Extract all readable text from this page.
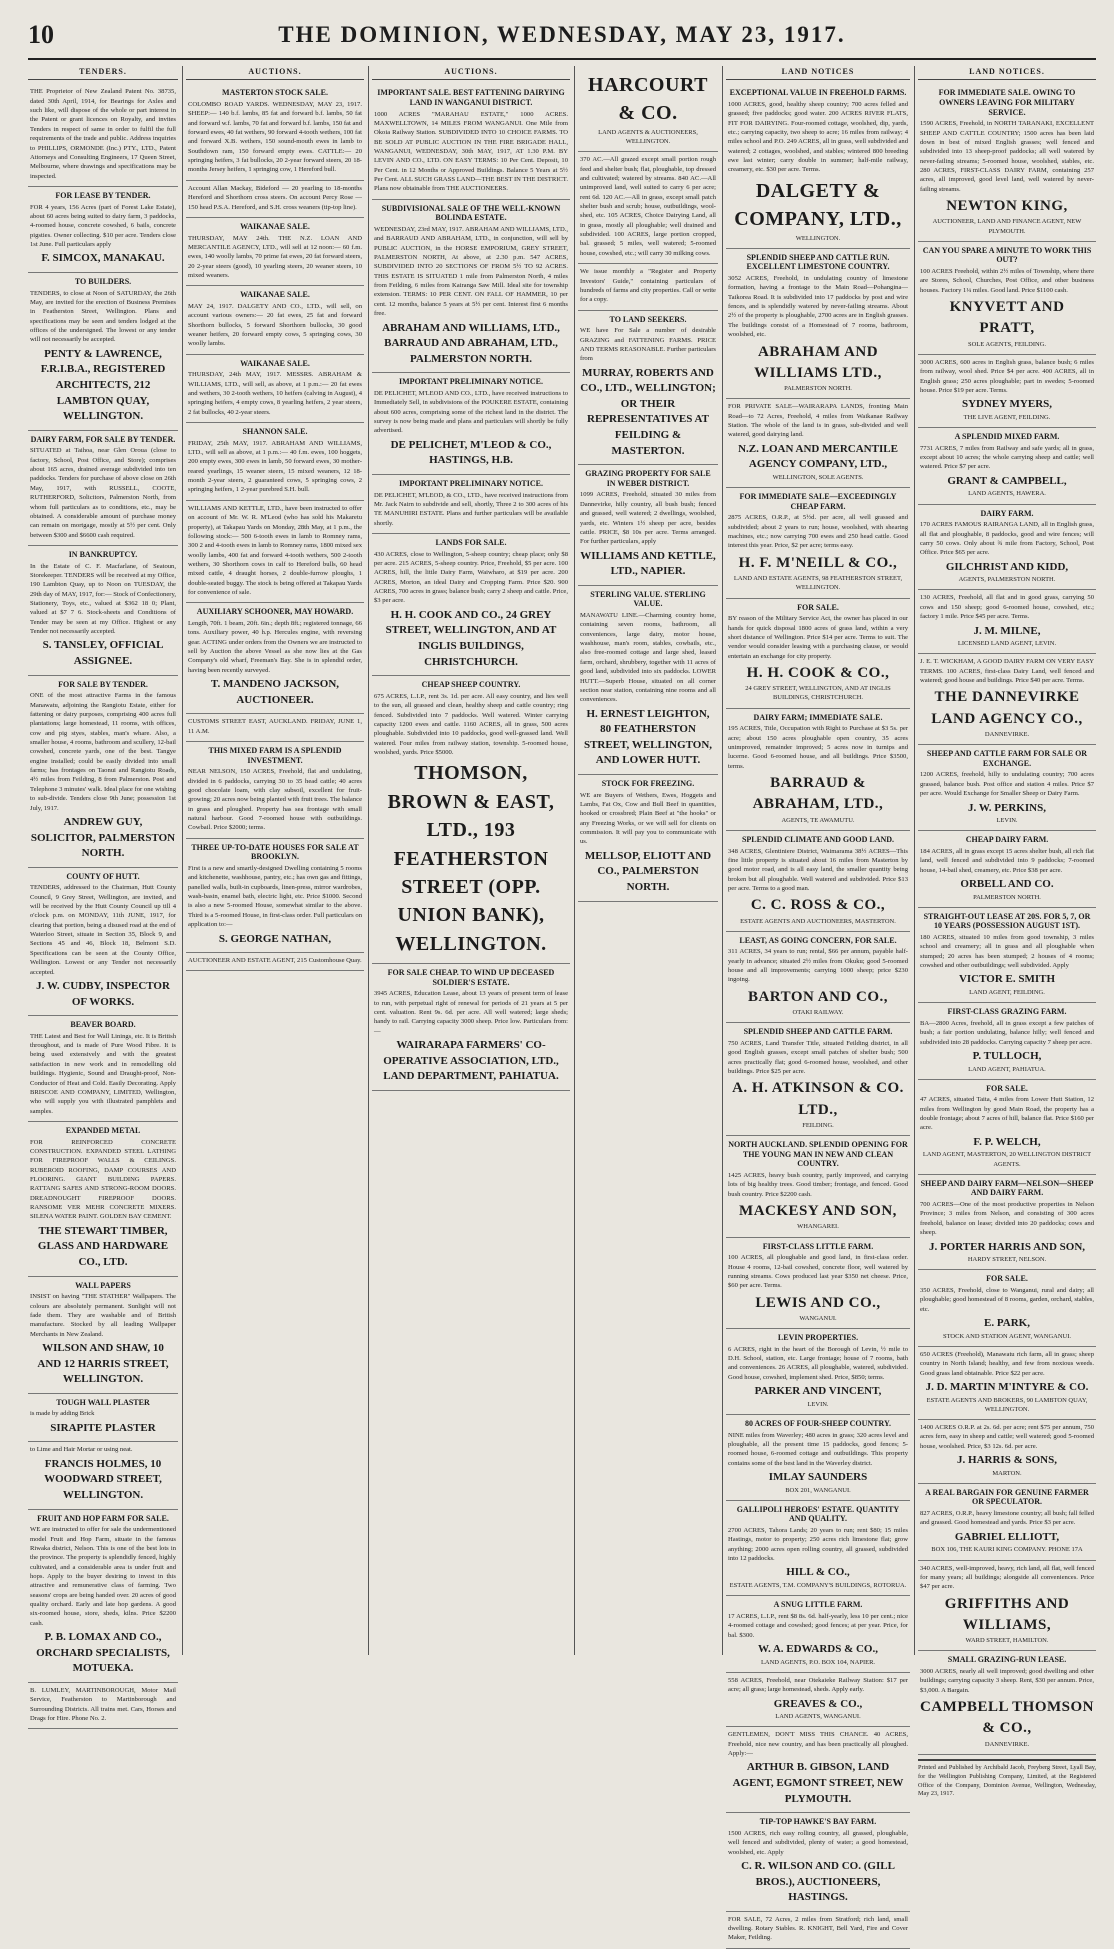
10	THE DOMINION, WEDNESDAY, MAY 23, 1917.
TENDERS.

THE Proprietor of New Zealand Patent No. 38735, dated 30th April, 1914, for Bearings for Axles and such like, will dispose of the whole or part interest in the Patent or grant licences on Royalty, and invites Tenders in respect of same in order to fulfil the full requirements of the trade and public. Address inquiries to PHILLIPS, ORMONDE (Inc.) PTY., LTD., Patent Attorneys and Consulting Engineers, 17 Queen Street, Melbourne, where drawings and specifications may be inspected.

FOR LEASE BY TENDER.

FOR 4 years, 156 Acres (part of Forest Lake Estate), about 60 acres being suited to dairy farm, 3 paddocks, 4-roomed house, concrete cowshed, 6 bails, concrete pigsties. Owner collecting. $10 per acre. Tenders close 1st June. Full particulars apply

F. SIMCOX, MANAKAU.
TO BUILDERS.

TENDERS, to close at Noon of SATURDAY, the 26th May, are invited for the erection of Business Premises in Featherston Street, Wellington. Plans and specifications may be seen and tenders lodged at the offices of the undersigned. The lowest or any tender will not necessarily be accepted.

PENTY & LAWRENCE, F.R.I.B.A., REGISTERED ARCHITECTS, 212 LAMBTON QUAY, WELLINGTON.
DAIRY FARM, FOR SALE BY TENDER.

SITUATED at Taihoa, near Glen Oroua (close to factory, School, Post Office, and Store); comprises about 165 acres, drained average subdivided into ten paddocks. Tenders for purchase of above close on 26th May, 1917, with RUSSELL, COOTE, RUTHERFORD, Solicitors, Palmerston North, from whom full particulars as to conditions, etc., may be obtained. A considerable amount of purchase money can remain on mortgage, mostly at 5½ per cent. Only between $300 and $6600 cash required.

IN BANKRUPTCY.

In the Estate of C. F. Macfarlane, of Seatoun, Storekeeper. TENDERS will be received at my Office, 190 Lambton Quay, up to Noon on TUESDAY, the 29th day of MAY, 1917, for:— Stock of Confectionery, Stationery, Toys, etc., valued at $362 18 0; Plant, valued at $7 7 6. Stock-sheets and Conditions of Tender may be seen at my Office. Highest or any Tender not necessarily accepted.

S. TANSLEY, OFFICIAL ASSIGNEE.
FOR SALE BY TENDER.

ONE of the most attractive Farms in the famous Manawatu, adjoining the Rangiotu Estate, either for fattening or dairy purposes, comprising 400 acres full plantations; large homestead, 11 rooms, with offices, cow and pig styes, stables, man's whare. Also, a smaller house, 4 rooms, bathroom and scullery, 12-bail cowshed, concrete yards, one of the best. Tangye engine installed; could be easily divided into small farms; has frontages on Taonui and Rangiotu Roads, 4½ miles from Feilding, 8 from Palmerston. Post and Telephone 3 minutes' walk. Ideal place for one wishing to sub-divide. Tenders close 9th June; possession 1st July, 1917.

ANDREW GUY, SOLICITOR, PALMERSTON NORTH.
COUNTY OF HUTT.

TENDERS, addressed to the Chairman, Hutt County Council, 9 Grey Street, Wellington, are invited, and will be received by the Hutt County Council up till 4 o'clock p.m. on MONDAY, 11th JUNE, 1917, for clearing that portion, being a disused road at the end of Waterloo Street, situate in Section 35, Block 9, and Sections 45 and 46, Block 18, Belmont S.D. Specifications can be seen at the County Office, Wellington. Lowest or any Tender not necessarily accepted.

J. W. CUDBY, INSPECTOR OF WORKS.
BEAVER BOARD.

THE Latest and Best for Wall Linings, etc. It is British throughout, and is made of Pure Wood Fibre. It is being used extensively and with the greatest satisfaction in new work and in remodelling old buildings. Hygienic, Sound and Draught-proof, Non-Conductor of Heat and Cold. Easily Decorating. Apply BRISCOE AND COMPANY, LIMITED, Wellington, who will supply you with illustrated pamphlets and samples.

EXPANDED METAL

FOR REINFORCED CONCRETE CONSTRUCTION. EXPANDED STEEL LATHING FOR FIREPROOF WALLS & CEILINGS. RUBEROID ROOFING, DAMP COURSES AND FLOORING. GIANT BUILDING PAPERS. RATTANG SAFES AND STRONG-ROOM DOORS. DREADNOUGHT FIREPROOF DOORS. RANSOME VER MEHR CONCRETE MIXERS. SILENA WATER PAINT. GOLDEN BAY CEMENT.

THE STEWART TIMBER, GLASS AND HARDWARE CO., LTD.
WALL PAPERS

INSIST on having "THE STATHER" Wallpapers. The colours are absolutely permanent. Sunlight will not fade them. They are washable and of British manufacture. Stocked by all leading Wallpaper Merchants in New Zealand.

WILSON AND SHAW, 10 AND 12 HARRIS STREET, WELLINGTON.
TOUGH WALL PLASTER

is made by adding Brick

SIRAPITE PLASTER

to Lime and Hair Mortar or using neat.

FRANCIS HOLMES, 10 WOODWARD STREET, WELLINGTON.
FRUIT AND HOP FARM FOR SALE.

WE are instructed to offer for sale the undermentioned model Fruit and Hop Farm, situate in the famous Riwaka district, Nelson. This is one of the best lots in the province. The property is splendidly fenced, highly cultivated, and a considerable area is under fruit and hops. Apply to the buyer desiring to invest in this attractive and remunerative class of farming. Two seasons' crops are being handed over. 20 acres of good quality orchard. Early and late hop gardens. A good six-roomed house, store, sheds, kilns. Price $2200 cash.

P. B. LOMAX AND CO., ORCHARD SPECIALISTS, MOTUEKA.

B. LUMLEY, MARTINBOROUGH, Motor Mail Service, Featherston to Martinborough and Surrounding Districts. All trains met. Cars, Horses and Drags for Hire. Phone No. 2.

AUCTIONS.
MASTERTON STOCK SALE.

COLOMBO ROAD YARDS. WEDNESDAY, MAY 23, 1917. SHEEP:— 140 b.f. lambs, 85 fat and forward b.f. lambs, 50 fat and forward w.f. lambs, 70 fat and forward b.f. lambs, 150 fat and forward ewes, 40 fat wethers, 90 forward 4-tooth wethers, 100 fat and forward X.B. wethers, 150 sound-mouth ewes in lamb to Southdown ram, 150 forward empty ewes. CATTLE:— 20 springing heifers, 3 fat bullocks, 20 2-year forward steers, 20 18-months Jersey heifers, 1 springing cow, 1 Hereford bull.

Account Allan Mackay, Bideford — 20 yearling to 18-months Hereford and Shorthorn cross steers. On account Percy Rose — 150 head P.S.A. Hereford, and S.H. cross weaners (tip-top line).

WAIKANAE SALE.

THURSDAY, MAY 24th. THE N.Z. LOAN AND MERCANTILE AGENCY, LTD., will sell at 12 noon:— 60 f.m. ewes, 140 woolly lambs, 70 prime fat ewes, 20 fat forward steers, 20 2-year steers (good), 10 yearling steers, 20 weaner steers, 10 mixed weaners.

WAIKANAE SALE.

MAY 24, 1917. DALGETY AND CO., LTD., will sell, on account various owners:— 20 fat ewes, 25 fat and forward Shorthorn bullocks, 5 forward Shorthorn bullocks, 30 good weaner heifers, 20 forward empty cows, 5 springing cows, 30 woolly lambs.

WAIKANAE SALE.

THURSDAY, 24th MAY, 1917. MESSRS. ABRAHAM & WILLIAMS, LTD., will sell, as above, at 1 p.m.:— 20 fat ewes and wethers, 30 2-tooth wethers, 10 heifers (calving in August), 4 springing heifers, 4 empty cows, 8 yearling heifers, 2 year steers, 2 fat bullocks, 40 2-year steers.

SHANNON SALE.

FRIDAY, 25th MAY, 1917. ABRAHAM AND WILLIAMS, LTD., will sell as above, at 1 p.m.:— 40 f.m. ewes, 100 hoggets, 200 empty ewes, 300 ewes in lamb, 50 forward ewes, 30 mother-reared yearlings, 15 weaner steers, 15 mixed weaners, 12 18-month 2-year steers, 2 guaranteed cows, 5 springing cows, 2 springing heifers, 1 2-year purebred S.H. bull.

WILLIAMS AND KETTLE, LTD., have been instructed to offer on account of Mr. W. R. M'Leod (who has sold his Makaretu property), at Takapau Yards on Monday, 28th May, at 1 p.m., the following stock:— 500 6-tooth ewes in lamb to Romney rams, 300 2 and 4-tooth ewes in lamb to Romney rams, 1800 mixed sex woolly lambs, 400 fat and forward 4-tooth wethers, 500 2-tooth wethers, 30 Shorthorn cows in calf to Hereford bulls, 60 head mixed cattle, 4 draught horses, 2 double-furrow ploughs, 1 double-seated buggy. The stock is being offered at Takapau Yards for convenience of sale.

AUXILIARY SCHOONER, MAY HOWARD.

Length, 70ft. 1 beam, 20ft. 6in.; depth 8ft.; registered tonnage, 66 tons. Auxiliary power, 40 h.p. Hercules engine, with reversing gear. ACTING under orders from the Owners we are instructed to sell by Auction the above Vessel as she now lies at the Gas Company's old wharf, Freeman's Bay. She is in splendid order, having been recently surveyed.

T. MANDENO JACKSON, AUCTIONEER.

CUSTOMS STREET EAST, AUCKLAND. FRIDAY, JUNE 1, 11 A.M.

THIS MIXED FARM IS A SPLENDID INVESTMENT.

NEAR NELSON, 150 ACRES, Freehold, flat and undulating, divided in 6 paddocks, carrying 30 to 35 head cattle; 40 acres good chocolate loam, with clay subsoil, excellent for fruit-growing; 20 acres now being planted with fruit trees. The balance in grass and ploughed. Property has sea frontage with small natural harbour. Good 7-roomed house with outbuildings. Cowbail. Price $2000; terms.

THREE UP-TO-DATE HOUSES FOR SALE AT BROOKLYN.

First is a new and smartly-designed Dwelling containing 5 rooms and kitchenette, washhouse, pantry, etc.; has own gas and fittings, panelled walls, built-in cupboards, linen-press, mirror wardrobes, wash-basin, enamel bath, electric light, etc. Price $1000. Second is also a new 5-roomed House, somewhat similar to the above. Third is a 5-roomed House, in first-class order. Full particulars on application to:—

S. GEORGE NATHAN,

AUCTIONEER AND ESTATE AGENT, 215 Customhouse Quay.

AUCTIONS.
IMPORTANT SALE. BEST FATTENING DAIRYING LAND IN WANGANUI DISTRICT.

1000 ACRES "MARAHAU ESTATE," 1000 ACRES. MAXWELLTOWN, 14 MILES FROM WANGANUI. One Mile from Okoia Railway Station. SUBDIVIDED INTO 10 CHOICE FARMS. TO BE SOLD AT PUBLIC AUCTION IN THE FIRE BRIGADE HALL, WANGANUI, WEDNESDAY, 30th MAY, 1917, AT 1.30 P.M. BY LEVIN AND CO., LTD. ON EASY TERMS: 10 Per Cent. Deposit, 10 Per Cent. in 12 Months or Approved Buildings. Balance 5 Years at 5½ Per Cent. ALL SUCH GRASS LAND—THE BEST IN THE DISTRICT. Plans now obtainable from THE AUCTIONEERS.

SUBDIVISIONAL SALE OF THE WELL-KNOWN BOLINDA ESTATE.

WEDNESDAY, 23rd MAY, 1917. ABRAHAM AND WILLIAMS, LTD., and BARRAUD AND ABRAHAM, LTD., in conjunction, will sell by PUBLIC AUCTION, in the HORSE EMPORIUM, GREY STREET, PALMERSTON NORTH, At above, at 2.30 p.m. 547 ACRES, SUBDIVIDED INTO 20 SECTIONS OF FROM 5½ TO 92 ACRES. THIS ESTATE IS SITUATED 1 mile from Palmerston North, 4 miles from Feilding, 6 miles from Kairanga Saw Mill. Ideal site for township extension. TERMS: 10 PER CENT. ON FALL OF HAMMER, 10 per cent. 12 months, balance 5 years at 5½ per cent. Interest first 6 months free.

ABRAHAM AND WILLIAMS, LTD., BARRAUD AND ABRAHAM, LTD., PALMERSTON NORTH.
IMPORTANT PRELIMINARY NOTICE.

DE PELICHET, M'LEOD AND CO., LTD., have received instructions to Immediately Sell, in subdivisions of the POUKERE ESTATE, containing about 600 acres, comprising some of the richest land in the district. The survey is now being made and plans and particulars will shortly be fully advertised.

DE PELICHET, M'LEOD & CO., HASTINGS, H.B.
IMPORTANT PRELIMINARY NOTICE.

DE PELICHET, M'LEOD, & CO., LTD., have received instructions from Mr. Jack Nairn to subdivide and sell, shortly, Three 2 to 300 acres of his TE MANUHIRI ESTATE. Plans and further particulars will be available shortly.

LANDS FOR SALE.

430 ACRES, close to Wellington, 5-sheep country; cheap place; only $8 per acre. 215 ACRES, 5-sheep country. Price, Freehold, $5 per acre. 100 ACRES, hill, the little Dairy Farm, Waiwharo, at $19 per acre. 200 ACRES, Morton, an ideal Dairy and Cropping Farm. Price $20. 900 ACRES, 700 acres in grass; balance bush; carry 2 sheep and cattle. Price, $3 per acre.

H. H. COOK AND CO., 24 GREY STREET, WELLINGTON, AND AT INGLIS BUILDINGS, CHRISTCHURCH.
CHEAP SHEEP COUNTRY.

675 ACRES, L.I.P., rent 3s. 1d. per acre. All easy country, and lies well to the sun, all grassed and clean, healthy sheep and cattle country; ring fenced. Subdivided into 7 paddocks. Well watered. Winter carrying capacity 1200 ewes and cattle. 1160 ACRES, all in grass, 500 acres ploughable. Subdivided into 10 paddocks, good well-grassed land. Well watered. Four miles from railway station, township. 5-roomed house, woolshed, yards. Price $5000.

THOMSON, BROWN & EAST, LTD., 193 FEATHERSTON STREET (OPP. UNION BANK), WELLINGTON.
FOR SALE CHEAP. TO WIND UP DECEASED SOLDIER'S ESTATE.

3945 ACRES, Education Lease, about 13 years of present term of lease to run, with perpetual right of renewal for periods of 21 years at 5 per cent. valuation. Rent 9s. 6d. per acre. All well watered; large sheds; handy to rail. Carrying capacity 3000 sheep. Price low. Particulars from:—

WAIRARAPA FARMERS' CO-OPERATIVE ASSOCIATION, LTD., LAND DEPARTMENT, PAHIATUA.
HARCOURT & CO.
LAND AGENTS & AUCTIONEERS, WELLINGTON.

370 AC.—All grazed except small portion rough feed and shelter bush; flat, ploughable, top dressed and cultivated; watered by streams. 840 AC.—All unimproved land, well suited to carry 6 per acre; rent 6d. 120 AC.—All in grass, except small patch shelter bush and scrub; house, outbuildings, wool-shed, etc. 105 ACRES, Choice Dairying Land, all in grass, mostly all ploughable; well drained and subdivided. 100 ACRES, large portion cropped, bal. grassed; 5 miles, well watered; 5-roomed house, cowshed, etc.; will carry 30 milking cows.

We issue monthly a "Register and Property Investors' Guide," containing particulars of hundreds of farms and city properties. Call or write for a copy.

TO LAND SEEKERS.

WE have For Sale a number of desirable GRAZING and FATTENING FARMS. PRICE AND TERMS REASONABLE. Further particulars from

MURRAY, ROBERTS AND CO., LTD., WELLINGTON; OR THEIR REPRESENTATIVES AT FEILDING & MASTERTON.
GRAZING PROPERTY FOR SALE IN WEBER DISTRICT.

1099 ACRES, Freehold, situated 30 miles from Dannevirke, hilly country, all bush bush; fenced and grassed, well watered; 2 dwellings, woolshed, yards, etc. Winters 1½ sheep per acre, besides cattle. PRICE, $8 10s per acre. Terms arranged. For further particulars, apply

WILLIAMS AND KETTLE, LTD., NAPIER.
STERLING VALUE. STERLING VALUE.

MANAWATU LINE.—Charming country home, containing seven rooms, bathroom, all conveniences, large dairy, motor house, washhouse, man's room, stables, cowbails, etc., also free-roomed cottage and large shed, leased farm, orchard, shrubbery, together with 11 acres of good land, subdivided into six paddocks. LOWER HUTT.—Superb House, situated on all corner section near station, containing nine rooms and all conveniences.

H. ERNEST LEIGHTON, 80 FEATHERSTON STREET, WELLINGTON, AND LOWER HUTT.
STOCK FOR FREEZING.

WE are Buyers of Wethers, Ewes, Hoggets and Lambs, Fat Ox, Cow and Bull Beef in quantities, hooked or crossbred; Plain Beef at "the hooks" or any Freezing Works, or we will sell for clients on commission. It will pay you to communicate with us.

MELLSOP, ELIOTT AND CO., PALMERSTON NORTH.
LAND NOTICES
EXCEPTIONAL VALUE IN FREEHOLD FARMS.

1000 ACRES, good, healthy sheep country; 700 acres felled and grassed; five paddocks; good water. 200 ACRES RIVER FLATS, FIT FOR DAIRYING. Four-roomed cottage, woolshed, dip, yards, etc.; carrying capacity, two sheep to acre; 16 miles from railway; 4 miles school and P.O. 249 ACRES, all in grass, well subdivided and watered; 2 cottages, woolshed, and stables; wintered 800 breeding ewe last winter; carry double in summer; half-mile railway, creamery, etc. $30 per acre. Terms.

DALGETY & COMPANY, LTD.,
WELLINGTON.
SPLENDID SHEEP AND CATTLE RUN. EXCELLENT LIMESTONE COUNTRY.

3052 ACRES, Freehold, in undulating country of limestone formation, having a frontage to the Main Road—Pohangina—Taikorea Road. It is subdivided into 17 paddocks by post and wire fences, and is splendidly watered by never-failing streams. About 2½ of the property is ploughable, 2700 acres are in English grasses. The buildings consist of a Homestead of 7 rooms, bathroom, woolshed, etc.

ABRAHAM AND WILLIAMS LTD.,
PALMERSTON NORTH.

FOR PRIVATE SALE—WAIRARAPA LANDS, fronting Main Road—to 72 Acres, Freehold, 4 miles from Waikanae Railway Station. The whole of the land is in grass, sub-divided and well watered, good dairying land.

N.Z. LOAN AND MERCANTILE AGENCY COMPANY, LTD.,
WELLINGTON, SOLE AGENTS.
FOR IMMEDIATE SALE—EXCEEDINGLY CHEAP FARM.

2875 ACRES, O.R.P., at 5½d. per acre, all well grassed and subdivided; about 2 years to run; house, woolshed, with shearing machines, etc.; now carrying 700 ewes and 250 head cattle. Good interest this year. Price, $2 per acre; terms easy.

H. F. M'NEILL & CO.,
LAND AND ESTATE AGENTS, 98 FEATHERSTON STREET, WELLINGTON.
FOR SALE.

BY reason of the Military Service Act, the owner has placed in our hands for quick disposal 1800 acres of grass land, within a very short distance of Wellington. Price $14 per acre. Terms to suit. The vendor would consider leasing with a purchasing clause, or would entertain an exchange for city property.

H. H. COOK & CO.,
24 GREY STREET, WELLINGTON, AND AT INGLIS BUILDINGS, CHRISTCHURCH.
DAIRY FARM; IMMEDIATE SALE.

195 ACRES, Title, Occupation with Right to Purchase at $3 5s. per acre; about 150 acres ploughable open country, 35 acres unimproved, remainder improved; 5 acres now in turnips and lucerne. Good 6-roomed house, and all buildings. Price $3500, terms.

BARRAUD & ABRAHAM, LTD.,
AGENTS, TE AWAMUTU.
SPLENDID CLIMATE AND GOOD LAND.

348 ACRES, Glentiniere District, Waimarama 38½ ACRES—This fine little property is situated about 16 miles from Masterton by good motor road, and is all easy land, the smaller quantity being broken but all ploughable. Well watered and subdivided. Price $13 per acre. Terms to a good man.

C. C. ROSS & CO.,
ESTATE AGENTS AND AUCTIONEERS, MASTERTON.
LEAST, AS GOING CONCERN, FOR SALE.

311 ACRES, 34 years to run; rental, $66 per annum, payable half-yearly in advance; situated 2½ miles from Okuku; good 5-roomed house and all improvements; carrying 1000 sheep; price $230 ingoing.

BARTON AND CO.,
OTAKI RAILWAY.
SPLENDID SHEEP AND CATTLE FARM.

750 ACRES, Land Transfer Title, situated Feilding district, in all good English grasses, except small patches of shelter bush; 500 acres practically flat; good 6-roomed house, woolshed, and other buildings. Price $25 per acre.

A. H. ATKINSON & CO. LTD.,
FEILDING.
NORTH AUCKLAND. SPLENDID OPENING FOR THE YOUNG MAN IN NEW AND CLEAN COUNTRY.

1425 ACRES, heavy bush country, partly improved, and carrying lots of big healthy trees. Good timber; frontage, and fenced. Good bush country. Price $2200 cash.

MACKESY AND SON,
WHANGAREI.
FIRST-CLASS LITTLE FARM.

100 ACRES, all ploughable and good land, in first-class order. House 4 rooms, 12-bail cowshed, concrete floor, well watered by running streams. Cows produced last year $350 net cheese. Price, $60 per acre. Terms.

LEWIS AND CO.,
WANGANUI.
LEVIN PROPERTIES.

6 ACRES, right in the heart of the Borough of Levin, ½ mile to D.H. School, station, etc. Large frontage; house of 7 rooms, bath and conveniences. 26 ACRES, all ploughable, watered, subdivided. Good house, cowshed, implement shed. Price, $850; terms.

PARKER AND VINCENT,
LEVIN.
80 ACRES OF FOUR-SHEEP COUNTRY.

NINE miles from Waverley; 480 acres in grass; 320 acres level and ploughable, all the present time 15 paddocks, good fences; 5-roomed house, 6-roomed cottage and outbuildings. This property contains some of the best land in the Waverley district.

IMLAY SAUNDERS
BOX 201, WANGANUI.
GALLIPOLI HEROES' ESTATE. QUANTITY AND QUALITY.

2700 ACRES, Tahora Lands; 20 years to run; rent $80; 15 miles Hastings, motor to property; 250 acres rich limestone flat; grow anything; 2000 acres open rolling country, all grassed, subdivided into 12 paddocks.

HILL & CO.,
ESTATE AGENTS, T.M. COMPANY'S BUILDINGS, ROTORUA.
A SNUG LITTLE FARM.

17 ACRES, L.I.P., rent $8 8s. 6d. half-yearly, less 10 per cent.; nice 4-roomed cottage and cowshed; good fences; at per year. Price, for bal. $300.

W. A. EDWARDS & CO.,
LAND AGENTS, P.O. BOX 104, NAPIER.

558 ACRES, Freehold, near Otekaieke Railway Station: $17 per acre; all grass; large homestead, sheds. Apply early.

GREAVES & CO.,
LAND AGENTS, WANGANUI.

GENTLEMEN, DON'T MISS THIS CHANCE. 40 ACRES, Freehold, nice new country, and has been practically all ploughed. Apply:—

ARTHUR B. GIBSON, LAND AGENT, EGMONT STREET, NEW PLYMOUTH.
TIP-TOP HAWKE'S BAY FARM.

1500 ACRES, rich easy rolling country, all grassed, ploughable, well fenced and subdivided, plenty of water; a good homestead, woolshed, etc. Apply

C. R. WILSON AND CO. (GILL BROS.), AUCTIONEERS, HASTINGS.

FOR SALE, 72 Acres, 2 miles from Stratford; rich land, small dwelling. Rotary Stables. R. KNIGHT, Bell Yard, Fire and Cover Maker, Feilding.

LAND NOTICES.
FOR IMMEDIATE SALE. OWING TO OWNERS LEAVING FOR MILITARY SERVICE.

1590 ACRES, Freehold, in NORTH TARANAKI, EXCELLENT SHEEP AND CATTLE COUNTRY; 1500 acres has been laid down in best of mixed English grasses; well fenced and subdivided into 13 sheep-proof paddocks; all well watered by never-failing streams; 5-roomed house, woolshed, stables, etc. 280 ACRES, FIRST-CLASS DAIRY FARM, containing 257 acres, all improved, good level land, well watered by never-failing streams.

NEWTON KING,
AUCTIONEER, LAND AND FINANCE AGENT, NEW PLYMOUTH.
CAN YOU SPARE A MINUTE TO WORK THIS OUT?

100 ACRES Freehold, within 2½ miles of Township, where there are Stores, School, Churches, Post Office, and other business houses. Factory 1¼ miles. Good land. Price $1100 cash.

KNYVETT AND PRATT,
SOLE AGENTS, FEILDING.

3000 ACRES, 600 acres in English grass, balance bush; 6 miles from railway, wool shed. Price $4 per acre. 400 ACRES, all in English grass; 250 acres ploughable; part in swedes; 5-roomed house. Price $19 per acre. Terms.

SYDNEY MYERS,
THE LIVE AGENT, FEILDING.
A SPLENDID MIXED FARM.

7731 ACRES, 7 miles from Railway and safe yards; all in grass, except about 10 acres; the whole carrying sheep and cattle; well watered. Price $7 per acre.

GRANT & CAMPBELL,
LAND AGENTS, HAWERA.
DAIRY FARM.

170 ACRES FAMOUS RAIRANGA LAND, all in English grass, all flat and ploughable, 8 paddocks, good and wire fences; will carry 50 cows. Only about ¾ mile from Factory, School, Post Office. Price $65 per acre.

GILCHRIST AND KIDD,
AGENTS, PALMERSTON NORTH.

130 ACRES, Freehold, all flat and in good grass, carrying 50 cows and 150 sheep; good 6-roomed house, cowshed, etc.; factory 1 mile. Price $45 per acre. Terms.

J. M. MILNE,
LICENSED LAND AGENT, LEVIN.

J. E. T. WICKHAM, A GOOD DAIRY FARM ON VERY EASY TERMS. 100 ACRES, first-class Dairy Land, well fenced and watered; good house and buildings. Price $40 per acre. Terms.

THE DANNEVIRKE LAND AGENCY CO.,
DANNEVIRKE.
SHEEP AND CATTLE FARM FOR SALE OR EXCHANGE.

1200 ACRES, freehold, hilly to undulating country; 700 acres grassed, balance bush. Post office and station 4 miles. Price $7 per acre. Would Exchange for Smaller Sheep or Dairy Farm.

J. W. PERKINS,
LEVIN.
CHEAP DAIRY FARM.

184 ACRES, all in grass except 15 acres shelter bush, all rich flat land, well fenced and subdivided into 9 paddocks; 7-roomed house, 14-bail shed, creamery, etc. Price $38 per acre.

ORBELL AND CO.
PALMERSTON NORTH.
STRAIGHT-OUT LEASE AT 20S. FOR 5, 7, OR 10 YEARS (POSSESSION AUGUST 1ST).

180 ACRES, situated 10 miles from good township, 3 miles school and creamery; all in grass and all ploughable when stumped; 20 acres has been stumped; 2 houses of 4 rooms; cowshed and other outbuildings; well subdivided. Apply

VICTOR E. SMITH
LAND AGENT, FEILDING.
FIRST-CLASS GRAZING FARM.

BA—2800 Acres, freehold, all in grass except a few patches of bush; a fair portion undulating, balance hilly; well fenced and subdivided into 28 paddocks. Carrying capacity 7 sheep per acre.

P. TULLOCH,
LAND AGENT, PAHIATUA.
FOR SALE.

47 ACRES, situated Taita, 4 miles from Lower Hutt Station, 12 miles from Wellington by good Main Road, the property has a double frontage; about 7 acres of hill, balance flat. Price $160 per acre.

F. P. WELCH,
LAND AGENT, MASTERTON, 20 WELLINGTON DISTRICT AGENTS.
SHEEP AND DAIRY FARM—NELSON—SHEEP AND DAIRY FARM.

700 ACRES—One of the most productive properties in Nelson Province; 3 miles from Nelson, and consisting of 300 acres freehold, balance on lease; divided into 20 paddocks; cows and sheep.

J. PORTER HARRIS AND SON,
HARDY STREET, NELSON.
FOR SALE.

350 ACRES, Freehold, close to Wanganui, rural and dairy; all ploughable; good homestead of 8 rooms, garden, orchard, stables, etc.

E. PARK,
STOCK AND STATION AGENT, WANGANUI.

650 ACRES (Freehold), Manawatu rich farm, all in grass; sheep country in North Island; healthy, and few from noxious weeds. Good grass land obtainable. Price $22 per acre.

J. D. MARTIN M'INTYRE & CO.
ESTATE AGENTS AND BROKERS, 90 LAMBTON QUAY, WELLINGTON.

1400 ACRES O.R.P. at 2s. 6d. per acre; rent $75 per annum, 750 acres fern, easy in sheep and cattle; well watered; good 5-roomed house, woolshed. Price, $3 12s. 6d. per acre.

J. HARRIS & SONS,
MARTON.
A REAL BARGAIN FOR GENUINE FARMER OR SPECULATOR.

827 ACRES, O.R.P., heavy limestone country; all bush; fall felled and grassed. Good homestead and yards. Price $3 per acre.

GABRIEL ELLIOTT,
BOX 106, THE KAURI KING COMPANY. PHONE 17A

340 ACRES, well-improved, heavy, rich land, all flat, well fenced for many years; all buildings; alongside all conveniences. Price $47 per acre.

GRIFFITHS AND WILLIAMS,
WARD STREET, HAMILTON.
SMALL GRAZING-RUN LEASE.

3000 ACRES, nearly all well improved; good dwelling and other buildings; carrying capacity 3 sheep. Rent, $30 per annum. Price, $3,000. A Bargain.

CAMPBELL THOMSON & CO.,
DANNEVIRKE.
Printed and Published by Archibald Jacob, Freyberg Street, Lyall Bay, for the Wellington Publishing Company, Limited, at the Registered Office of the Company, Dominion Avenue, Wellington, Wednesday, May 23, 1917.
